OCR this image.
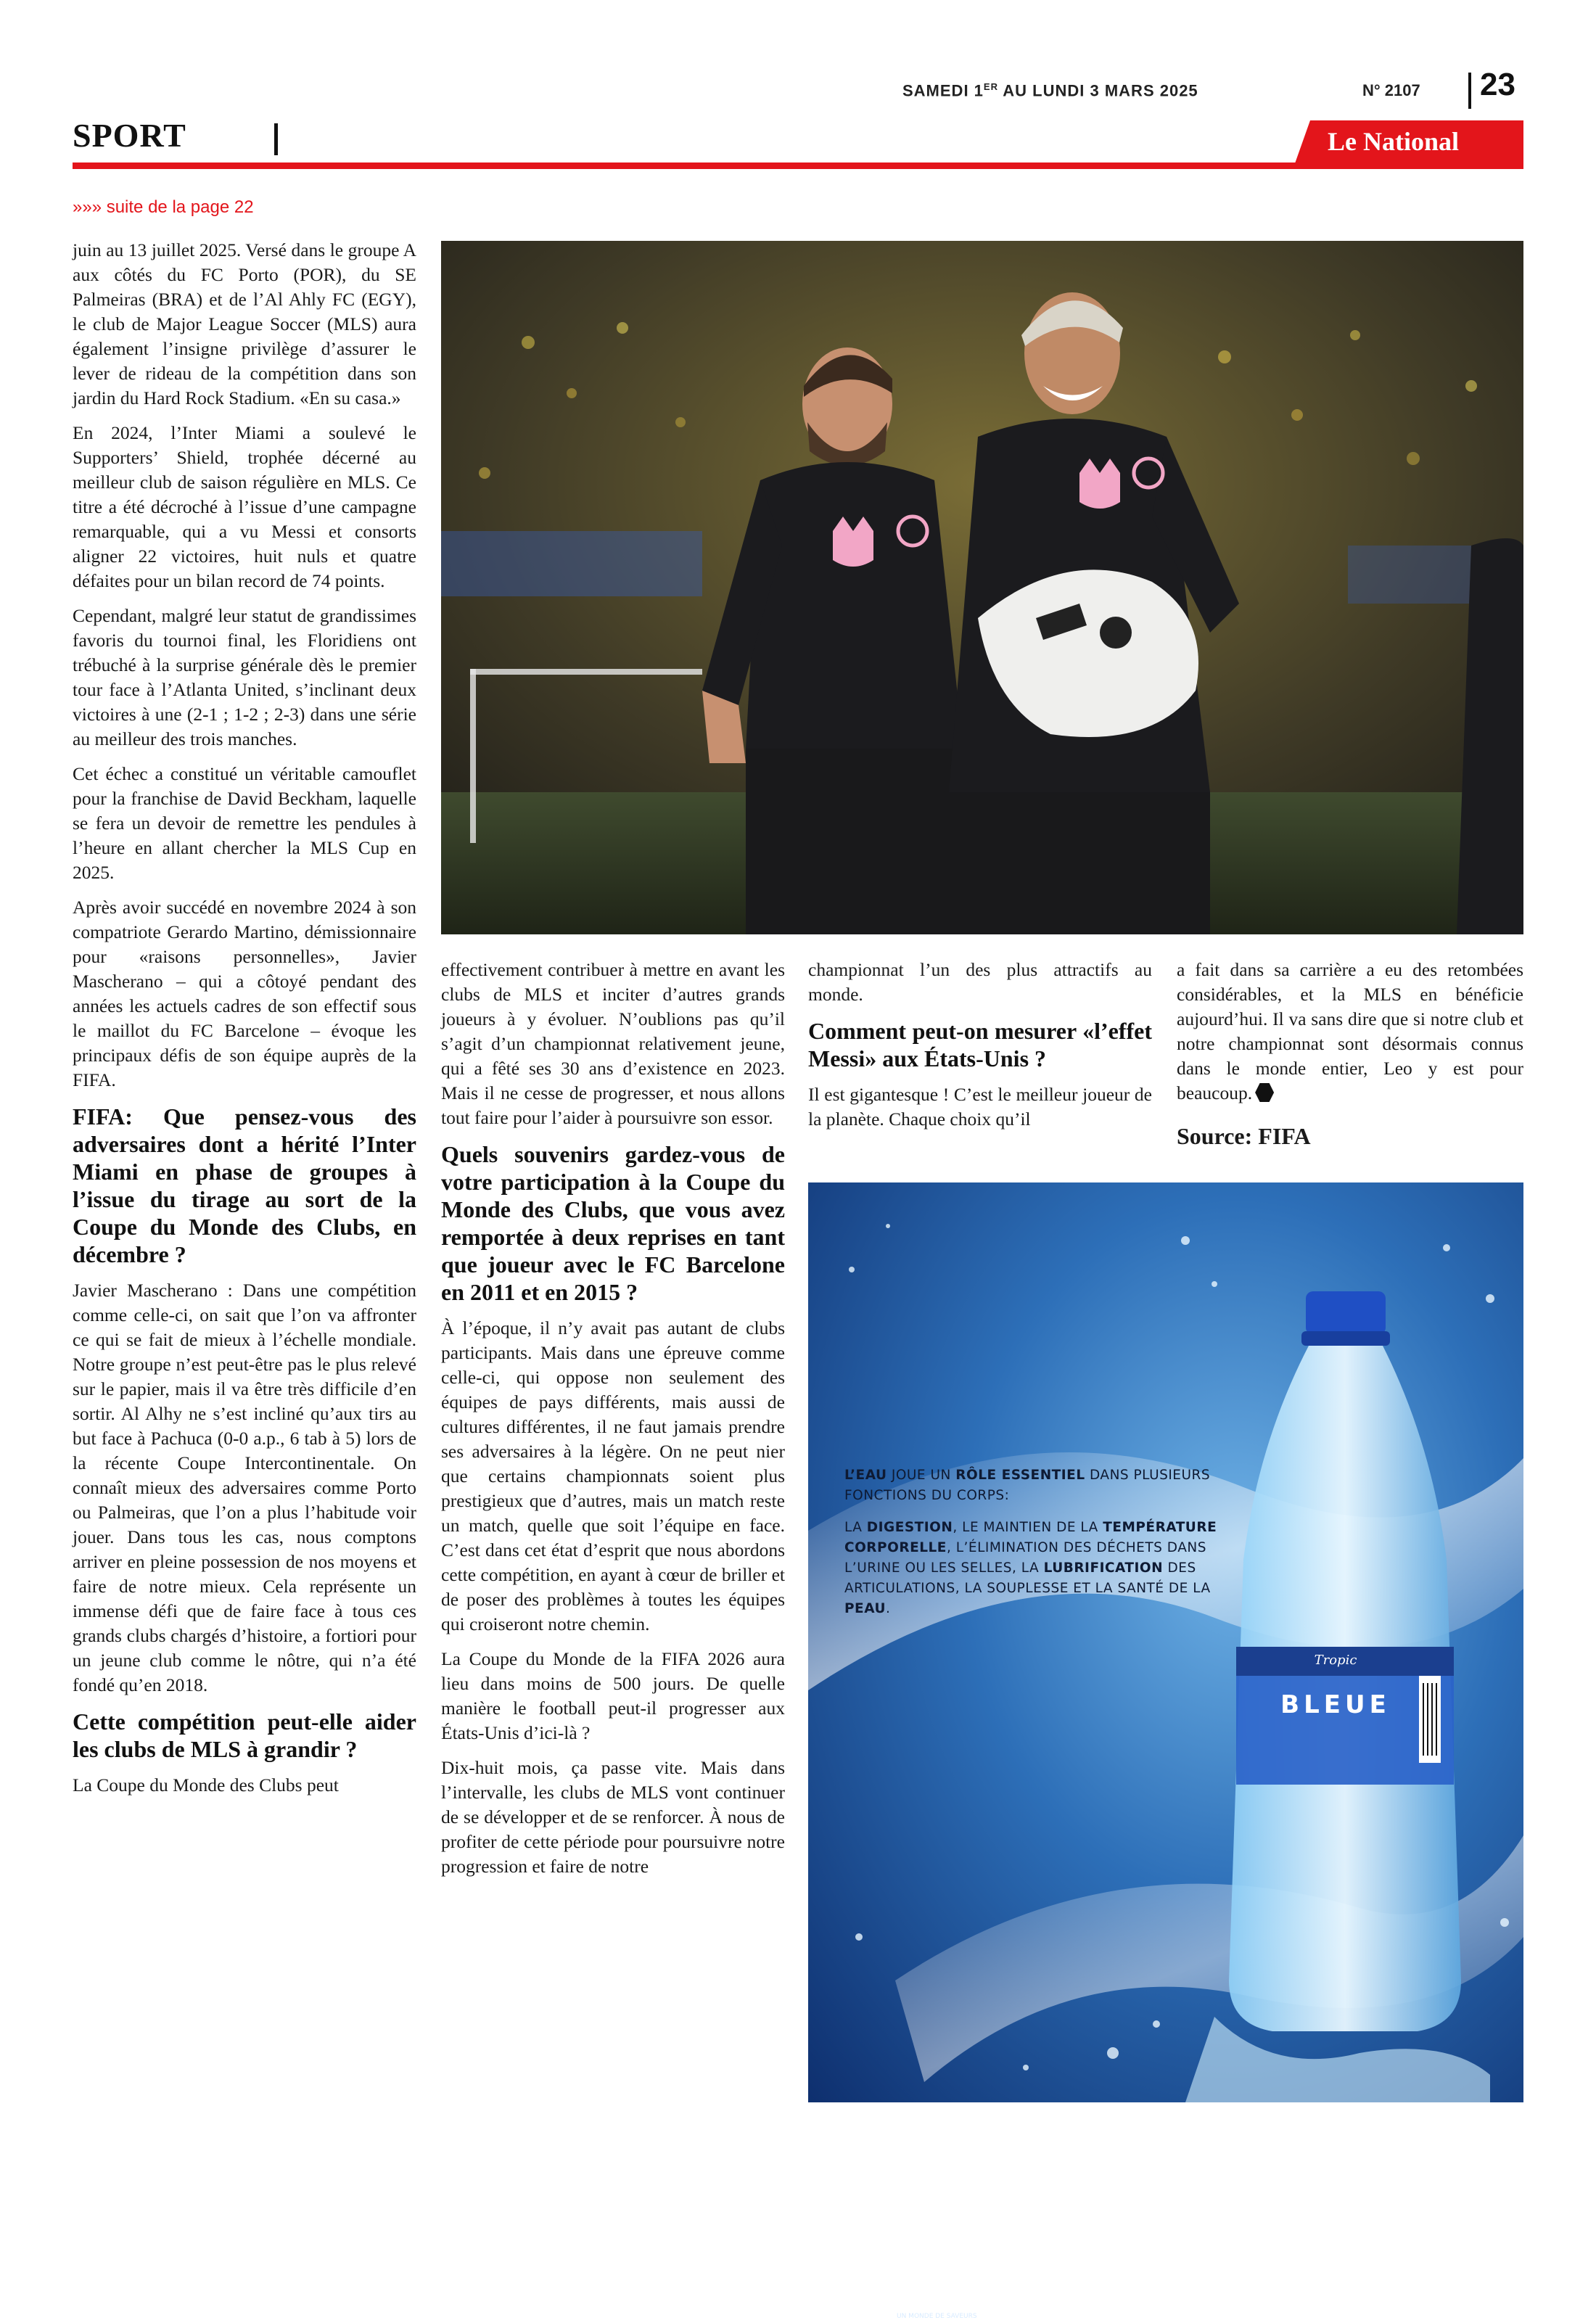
SAMEDI 1ER AU LUNDI 3 MARS 2025	N° 2107 23
SPORT	Le National
»»» suite de la page 22

juin au 13 juillet 2025. Versé dans le groupe A aux côtés du FC Porto (POR), du SE Palmeiras (BRA) et de l’Al Ahly FC (EGY), le club de Major League Soccer (MLS) aura également l’insigne privilège d’assurer le lever de rideau de la compétition dans son jardin du Hard Rock Stadium. «En su casa.»

En 2024, l’Inter Miami a soulevé le Supporters’ Shield, trophée décerné au meilleur club de saison régulière en MLS. Ce titre a été décroché à l’issue d’une campagne remarquable, qui a vu Messi et consorts aligner 22 victoires, huit nuls et quatre défaites pour un bilan record de 74 points.

Cependant, malgré leur statut de grandissimes favoris du tournoi final, les Floridiens ont trébuché à la surprise générale dès le premier tour face à l’Atlanta United, s’inclinant deux victoires à une (2-1 ; 1-2 ; 2-3) dans une série au meilleur des trois manches.

Cet échec a constitué un véritable camouflet pour la franchise de David Beckham, laquelle se fera un devoir de remettre les pendules à l’heure en allant chercher la MLS Cup en 2025.

Après avoir succédé en novembre 2024 à son compatriote Gerardo Martino, démissionnaire pour «raisons personnelles», Javier Mascherano – qui a côtoyé pendant des années les actuels cadres de son effectif sous le maillot du FC Barcelone – évoque les principaux défis de son équipe auprès de la FIFA.

FIFA: Que pensez-vous des adversaires dont a hérité l’Inter Miami en phase de groupes à l’issue du tirage au sort de la Coupe du Monde des Clubs, en décembre ?

Javier Mascherano : Dans une compétition comme celle-ci, on sait que l’on va affronter ce qui se fait de mieux à l’échelle mondiale. Notre groupe n’est peut-être pas le plus relevé sur le papier, mais il va être très difficile d’en sortir. Al Alhy ne s’est incliné qu’aux tirs au but face à Pachuca (0-0 a.p., 6 tab à 5) lors de la récente Coupe Intercontinentale. On connaît mieux des adversaires comme Porto ou Palmeiras, que l’on a plus l’habitude voir jouer. Dans tous les cas, nous comptons arriver en pleine possession de nos moyens et faire de notre mieux. Cela représente un immense défi que de faire face à tous ces grands clubs chargés d’histoire, a fortiori pour un jeune club comme le nôtre, qui n’a été fondé qu’en 2018.

Cette compétition peut-elle aider les clubs de MLS à grandir ?

La Coupe du Monde des Clubs peut

effectivement contribuer à mettre en avant les clubs de MLS et inciter d’autres grands joueurs à y évoluer. N’oublions pas qu’il s’agit d’un championnat relativement jeune, qui a fêté ses 30 ans d’existence en 2023. Mais il ne cesse de progresser, et nous allons tout faire pour l’aider à poursuivre son essor.

Quels souvenirs gardez-vous de votre participation à la Coupe du Monde des Clubs, que vous avez remportée à deux reprises en tant que joueur avec le FC Barcelone en 2011 et en 2015 ?

À l’époque, il n’y avait pas autant de clubs participants. Mais dans une épreuve comme celle-ci, qui oppose non seulement des équipes de pays différents, mais aussi de cultures différentes, il ne faut jamais prendre ses adversaires à la légère. On ne peut nier que certains championnats soient plus prestigieux que d’autres, mais un match reste un match, quelle que soit l’équipe en face. C’est dans cet état d’esprit que nous abordons cette compétition, en ayant à cœur de briller et de poser des problèmes à toutes les équipes qui croiseront notre chemin.

La Coupe du Monde de la FIFA 2026 aura lieu dans moins de 500 jours. De quelle manière le football peut-il progresser aux États-Unis d’ici-là ?

Dix-huit mois, ça passe vite. Mais dans l’intervalle, les clubs de MLS vont continuer de se développer et de se renforcer. À nous de profiter de cette période pour poursuivre notre progression et faire de notre

championnat l’un des plus attractifs au monde.

Comment peut-on mesurer «l’effet Messi» aux États-Unis ?

Il est gigantesque ! C’est le meilleur joueur de la planète. Chaque choix qu’il

a fait dans sa carrière a eu des retombées considérables, et la MLS en bénéficie aujourd’hui. Il va sans dire que si notre club et notre championnat sont désormais connus dans le monde entier, Leo y est pour beaucoup.

Source: FIFA
BLEUE
Tropic

L’EAU JOUE UN RÔLE ESSENTIEL DANS PLUSIEURS FONCTIONS DU CORPS:

LA DIGESTION, LE MAINTIEN DE LA TEMPÉRATURE CORPORELLE, L’ÉLIMINATION DES DÉCHETS DANS L’URINE OU LES SELLES, LA LUBRIFICATION DES ARTICULATIONS, LA SOUPLESSE ET LA SANTÉ DE LA PEAU.

TROPICS.A
UN MONDE DE SAVEURS
